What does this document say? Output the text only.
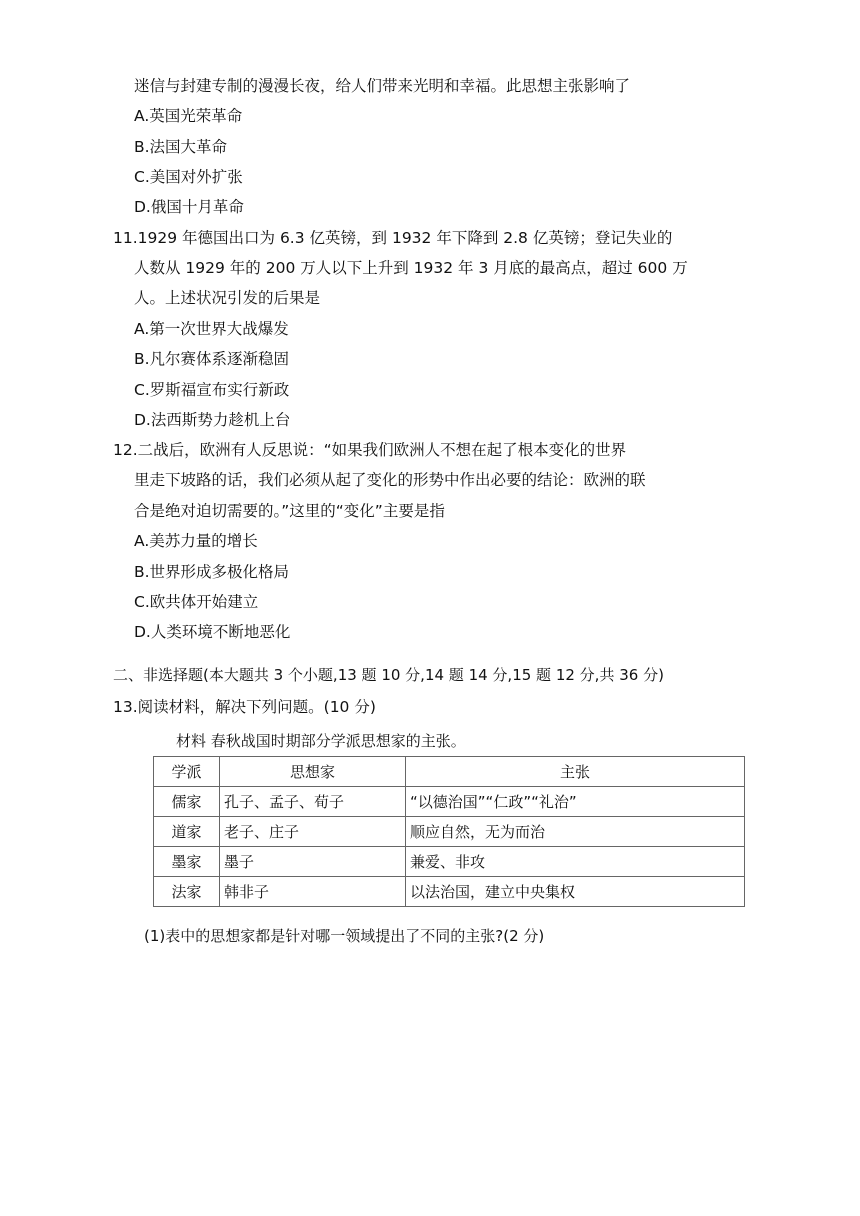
迷信与封建专制的漫漫长夜，给人们带来光明和幸福。此思想主张影响了
A.英国光荣革命
B.法国大革命
C.美国对外扩张
D.俄国十月革命
11.1929 年德国出口为 6.3 亿英镑，到 1932 年下降到 2.8 亿英镑；登记失业的
人数从 1929 年的 200 万人以下上升到 1932 年 3 月底的最高点，超过 600 万
人。上述状况引发的后果是
A.第一次世界大战爆发
B.凡尔赛体系逐渐稳固
C.罗斯福宣布实行新政
D.法西斯势力趁机上台
12.二战后，欧洲有人反思说：“如果我们欧洲人不想在起了根本变化的世界
里走下坡路的话，我们必须从起了变化的形势中作出必要的结论：欧洲的联
合是绝对迫切需要的。”这里的“变化”主要是指
A.美苏力量的增长
B.世界形成多极化格局
C.欧共体开始建立
D.人类环境不断地恶化
二、非选择题(本大题共 3 个小题,13 题 10 分,14 题 14 分,15 题 12 分,共 36 分)
13.阅读材料，解决下列问题。(10 分)
材料 春秋战国时期部分学派思想家的主张。
学派	思想家	主张
儒家	孔子、孟子、荀子	“以德治国”“仁政”“礼治”
道家	老子、庄子	顺应自然，无为而治
墨家	墨子	兼爱、非攻
法家	韩非子	以法治国，建立中央集权
(1)表中的思想家都是针对哪一领域提出了不同的主张?(2 分)
